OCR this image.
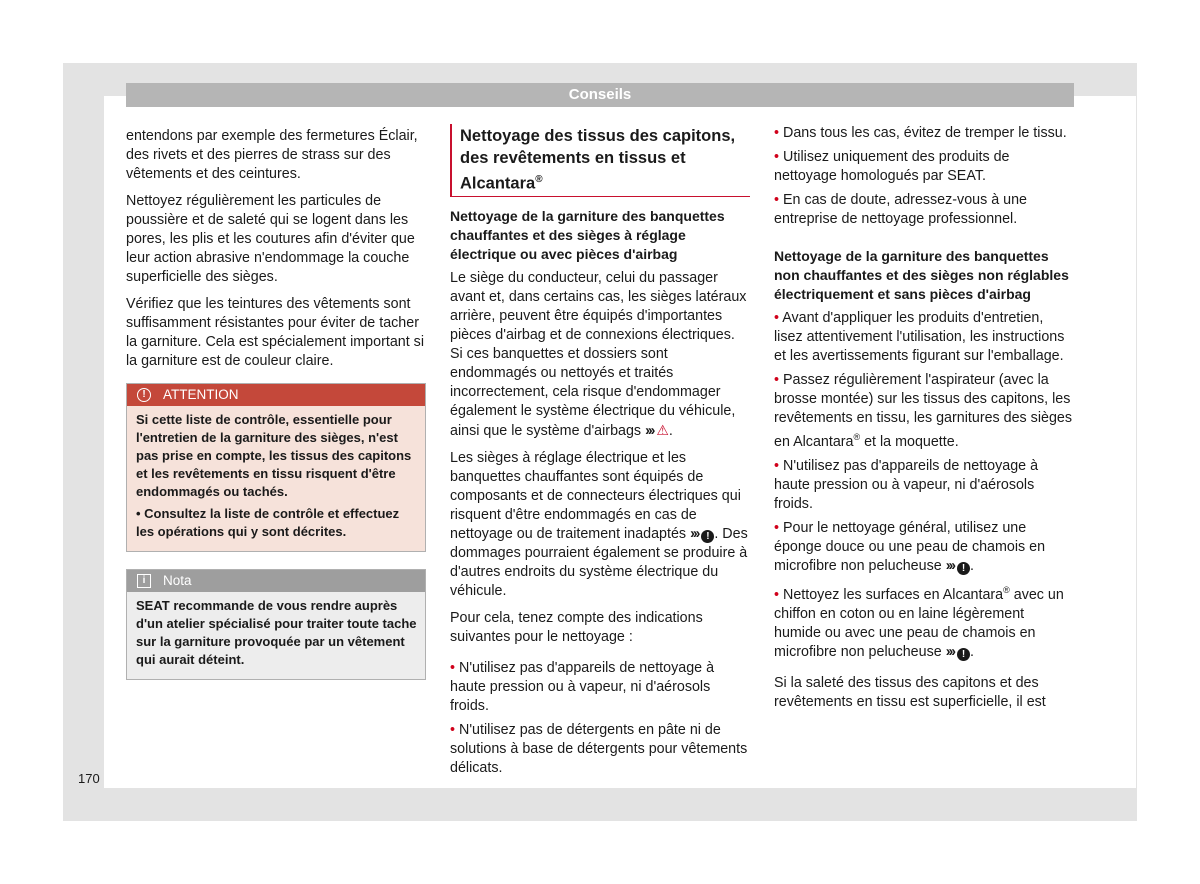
Conseils

entendons par exemple des fermetures Éclair, des rivets et des pierres de strass sur des vêtements et des ceintures.

Nettoyez régulièrement les particules de poussière et de saleté qui se logent dans les pores, les plis et les coutures afin d'éviter que leur action abrasive n'endommage la couche superficielle des sièges.

Vérifiez que les teintures des vêtements sont suffisamment résistantes pour éviter de tacher la garniture. Cela est spécialement important si la garniture est de couleur claire.

!	ATTENTION

Si cette liste de contrôle, essentielle pour l'entretien de la garniture des sièges, n'est pas prise en compte, les tissus des capitons et les revêtements en tissu risquent d'être endommagés ou tachés.

• Consultez la liste de contrôle et effectuez les opérations qui y sont décrites.

i	Nota

SEAT recommande de vous rendre auprès d'un atelier spécialisé pour traiter toute tache sur la garniture provoquée par un vêtement qui aurait déteint.

Nettoyage des tissus des capitons, des revêtements en tissus et Alcantara®
Nettoyage de la garniture des banquettes chauffantes et des sièges à réglage électrique ou avec pièces d'airbag

Le siège du conducteur, celui du passager avant et, dans certains cas, les sièges latéraux arrière, peuvent être équipés d'importantes pièces d'airbag et de connexions électriques. Si ces banquettes et dossiers sont endommagés ou nettoyés et traités incorrectement, cela risque d'endommager également le système électrique du véhicule, ainsi que le système d'airbags ››› ⚠.

Les sièges à réglage électrique et les banquettes chauffantes sont équipés de composants et de connecteurs électriques qui risquent d'être endommagés en cas de nettoyage ou de traitement inadaptés ››› ! . Des dommages pourraient également se produire à d'autres endroits du système électrique du véhicule.

Pour cela, tenez compte des indications suivantes pour le nettoyage :

• N'utilisez pas d'appareils de nettoyage à haute pression ou à vapeur, ni d'aérosols froids.

• N'utilisez pas de détergents en pâte ni de solutions à base de détergents pour vêtements délicats.

• Dans tous les cas, évitez de tremper le tissu.

• Utilisez uniquement des produits de nettoyage homologués par SEAT.

• En cas de doute, adressez-vous à une entreprise de nettoyage professionnel.

Nettoyage de la garniture des banquettes non chauffantes et des sièges non réglables électriquement et sans pièces d'airbag

• Avant d'appliquer les produits d'entretien, lisez attentivement l'utilisation, les instructions et les avertissements figurant sur l'emballage.

• Passez régulièrement l'aspirateur (avec la brosse montée) sur les tissus des capitons, les revêtements en tissu, les garnitures des sièges en Alcantara® et la moquette.

• N'utilisez pas d'appareils de nettoyage à haute pression ou à vapeur, ni d'aérosols froids.

• Pour le nettoyage général, utilisez une éponge douce ou une peau de chamois en microfibre non pelucheuse ››› ! .

• Nettoyez les surfaces en Alcantara® avec un chiffon en coton ou en laine légèrement humide ou avec une peau de chamois en microfibre non pelucheuse ››› ! .

Si la saleté des tissus des capitons et des revêtements en tissu est superficielle, il est

170
